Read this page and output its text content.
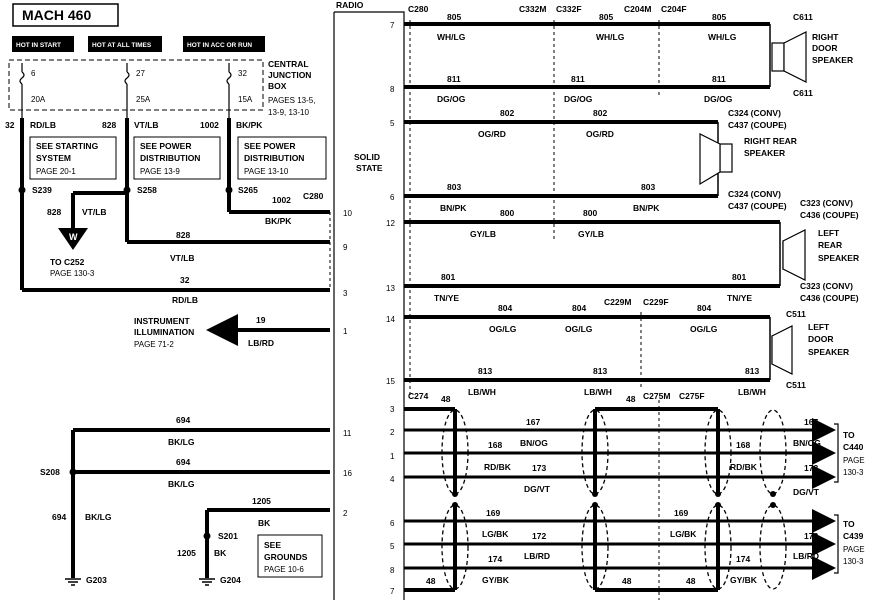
MACH 460
HOT IN START	HOT AT ALL TIMES	HOT IN ACC OR RUN
CENTRAL
JUNCTION
BOX
PAGES 13-5,
13-9, 13-10
6
20A
27
25A
32
15A
32 RD/LB	828 VT/LB	1002 BK/PK
SEE STARTING
SYSTEM
PAGE 20-1
SEE POWER
DISTRIBUTION
PAGE 13-9
SEE POWER
DISTRIBUTION
PAGE 13-10
W
S239	S258	S265
828 VT/LB
TO C252
PAGE 130-3
1002 C280
BK/PK
828
VT/LB
32
RD/LB
INSTRUMENT
ILLUMINATION
PAGE 71-2
19
LB/RD
S208
694
BK/LG
694
BK/LG
694 BK/LG
G203
S201
1205
BK
1205 BK
SEE
GROUNDS
PAGE 10-6
G204
RADIO
SOLID
STATE
10
9
3
1
11
16
2
7
8
5
6
12
13
14
15
3
2
1
4
6
5
8
7
C280	C332M C332F	C204M C204F
805
WH/LG
805
WH/LG
805
WH/LG
811
DG/OG
811
DG/OG
811
DG/OG
802
OG/RD
802
OG/RD
803
BN/PK
803
BN/PK
800
GY/LB
800
GY/LB
801
TN/YE
801
TN/YE
804
OG/LG
804
OG/LG
804
OG/LG
C229M C229F
813
LB/WH
813
LB/WH
813
LB/WH
RIGHT
DOOR
SPEAKER
C611
C611
RIGHT REAR
SPEAKER
C324 (CONV)
C437 (COUPE)
C324 (CONV)
C437 (COUPE)
LEFT
REAR
SPEAKER
C323 (CONV)
C436 (COUPE)
C323 (CONV)
C436 (COUPE)
LEFT
DOOR
SPEAKER
C511
C511
C274	C275M C275F
48	48
167	167
168 BN/OG	168	BN/OG
RD/BK 173	RD/BK	173
DG/VT	DG/VT
169	169
LG/BK	172	LG/BK	172
174	LB/RD	174	LB/RD
GY/BK	GY/BK
48	48	48
TO
C440
PAGE
130-3
TO
C439
PAGE
130-3
